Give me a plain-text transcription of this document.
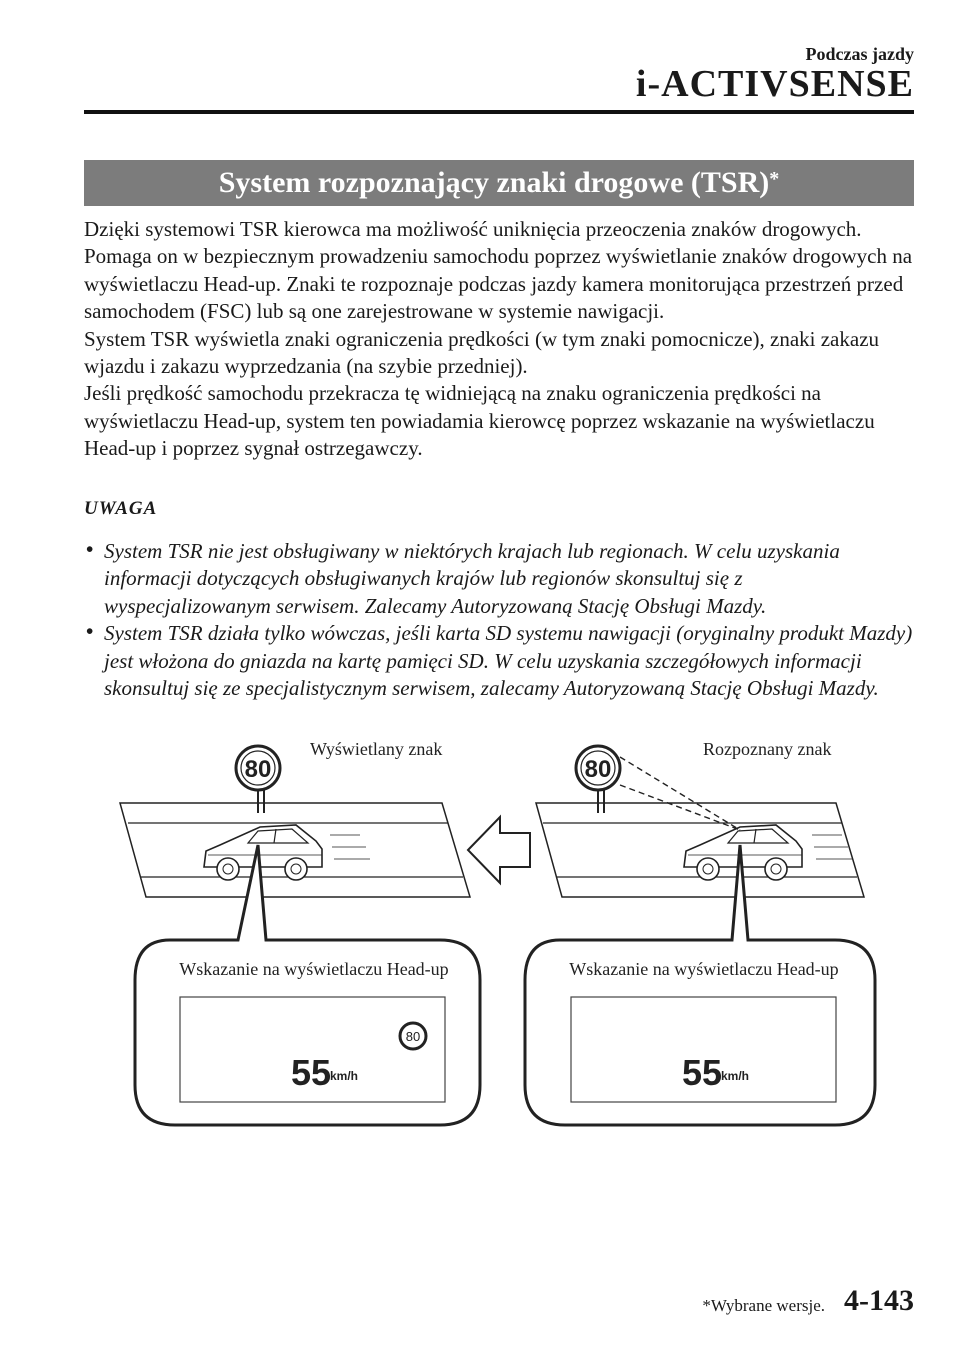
Podczas jazdy
i-ACTIVSENSE
System rozpoznający znaki drogowe (TSR)*

Dzięki systemowi TSR kierowca ma możliwość uniknięcia przeoczenia znaków drogowych. Pomaga on w bezpiecznym prowadzeniu samochodu poprzez wyświetlanie znaków drogowych na wyświetlaczu Head-up. Znaki te rozpoznaje podczas jazdy kamera monitorująca przestrzeń przed samochodem (FSC) lub są one zarejestrowane w systemie nawigacji.

System TSR wyświetla znaki ograniczenia prędkości (w tym znaki pomocnicze), znaki zakazu wjazdu i zakazu wyprzedzania (na szybie przedniej).

Jeśli prędkość samochodu przekracza tę widniejącą na znaku ograniczenia prędkości na wyświetlaczu Head-up, system ten powiadamia kierowcę poprzez wskazanie na wyświetlaczu Head-up i poprzez sygnał ostrzegawczy.

UWAGA
• System TSR nie jest obsługiwany w niektórych krajach lub regionach. W celu uzyskania informacji dotyczących obsługiwanych krajów lub regionów skonsultuj się z wyspecjalizowanym serwisem. Zalecamy Autoryzowaną Stację Obsługi Mazdy.
• System TSR działa tylko wówczas, jeśli karta SD systemu nawigacji (oryginalny produkt Mazdy) jest włożona do gniazda na kartę pamięci SD. W celu uzyskania szczegółowych informacji skonsultuj się ze specjalistycznym serwisem, zalecamy Autoryzowaną Stację Obsługi Mazdy.
80
Wyświetlany znak
80
Rozpoznany znak
Wskazanie na wyświetlaczu Head-up
55
km/h
80
Wskazanie na wyświetlaczu Head-up
55
km/h
*Wybrane wersje. 4-143
